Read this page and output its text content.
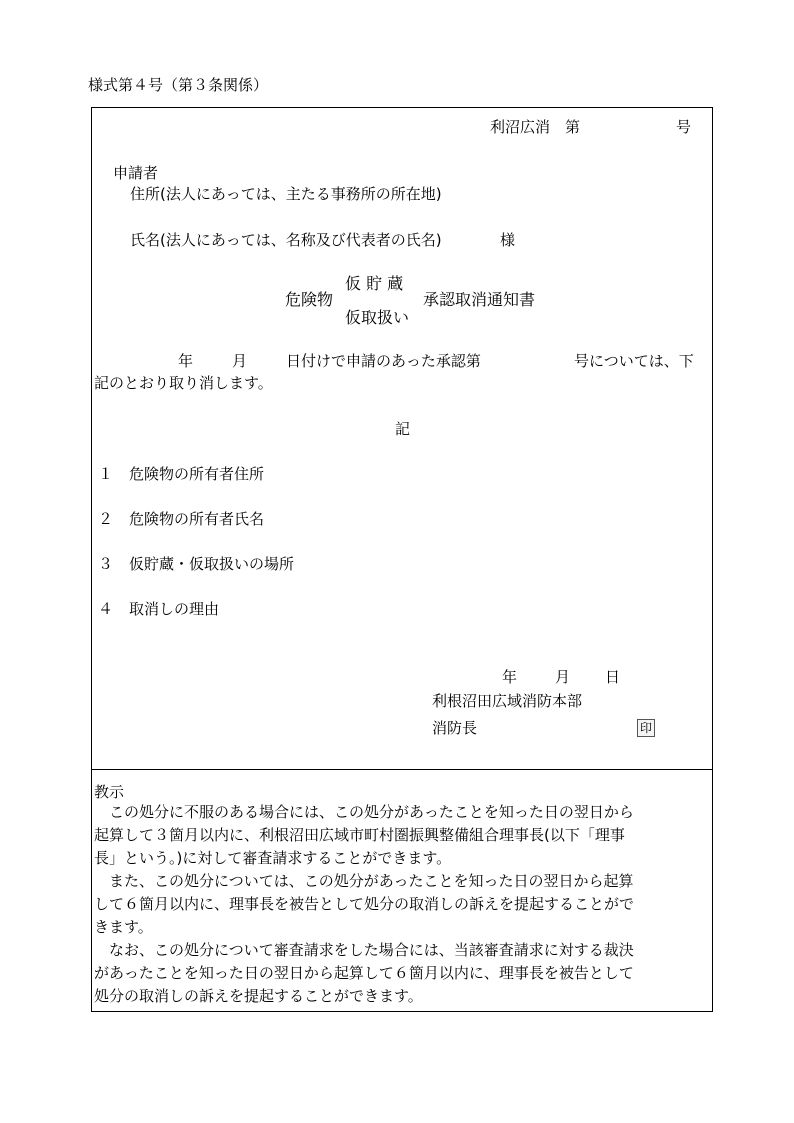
様式第４号（第３条関係）
利沼広消　第	号
申請者
住所(法人にあっては、主たる事務所の所在地)
氏名(法人にあっては、名称及び代表者の氏名)	様
危険物
仮 貯 蔵
仮取扱い
承認取消通知書
年	月	日付けで申請のあった承認第	号については、下
記のとおり取り消します。
記
１ 危険物の所有者住所
２ 危険物の所有者氏名
３ 仮貯蔵・仮取扱いの場所
４ 取消しの理由
年	月 日
利根沼田広域消防本部
消防長	印
教示
　この処分に不服のある場合には、この処分があったことを知った日の翌日から
起算して３箇月以内に、利根沼田広域市町村圏振興整備組合理事長(以下「理事
長」という。)に対して審査請求することができます。
　また、この処分については、この処分があったことを知った日の翌日から起算
して６箇月以内に、理事長を被告として処分の取消しの訴えを提起することがで
きます。
　なお、この処分について審査請求をした場合には、当該審査請求に対する裁決
があったことを知った日の翌日から起算して６箇月以内に、理事長を被告として
処分の取消しの訴えを提起することができます。
